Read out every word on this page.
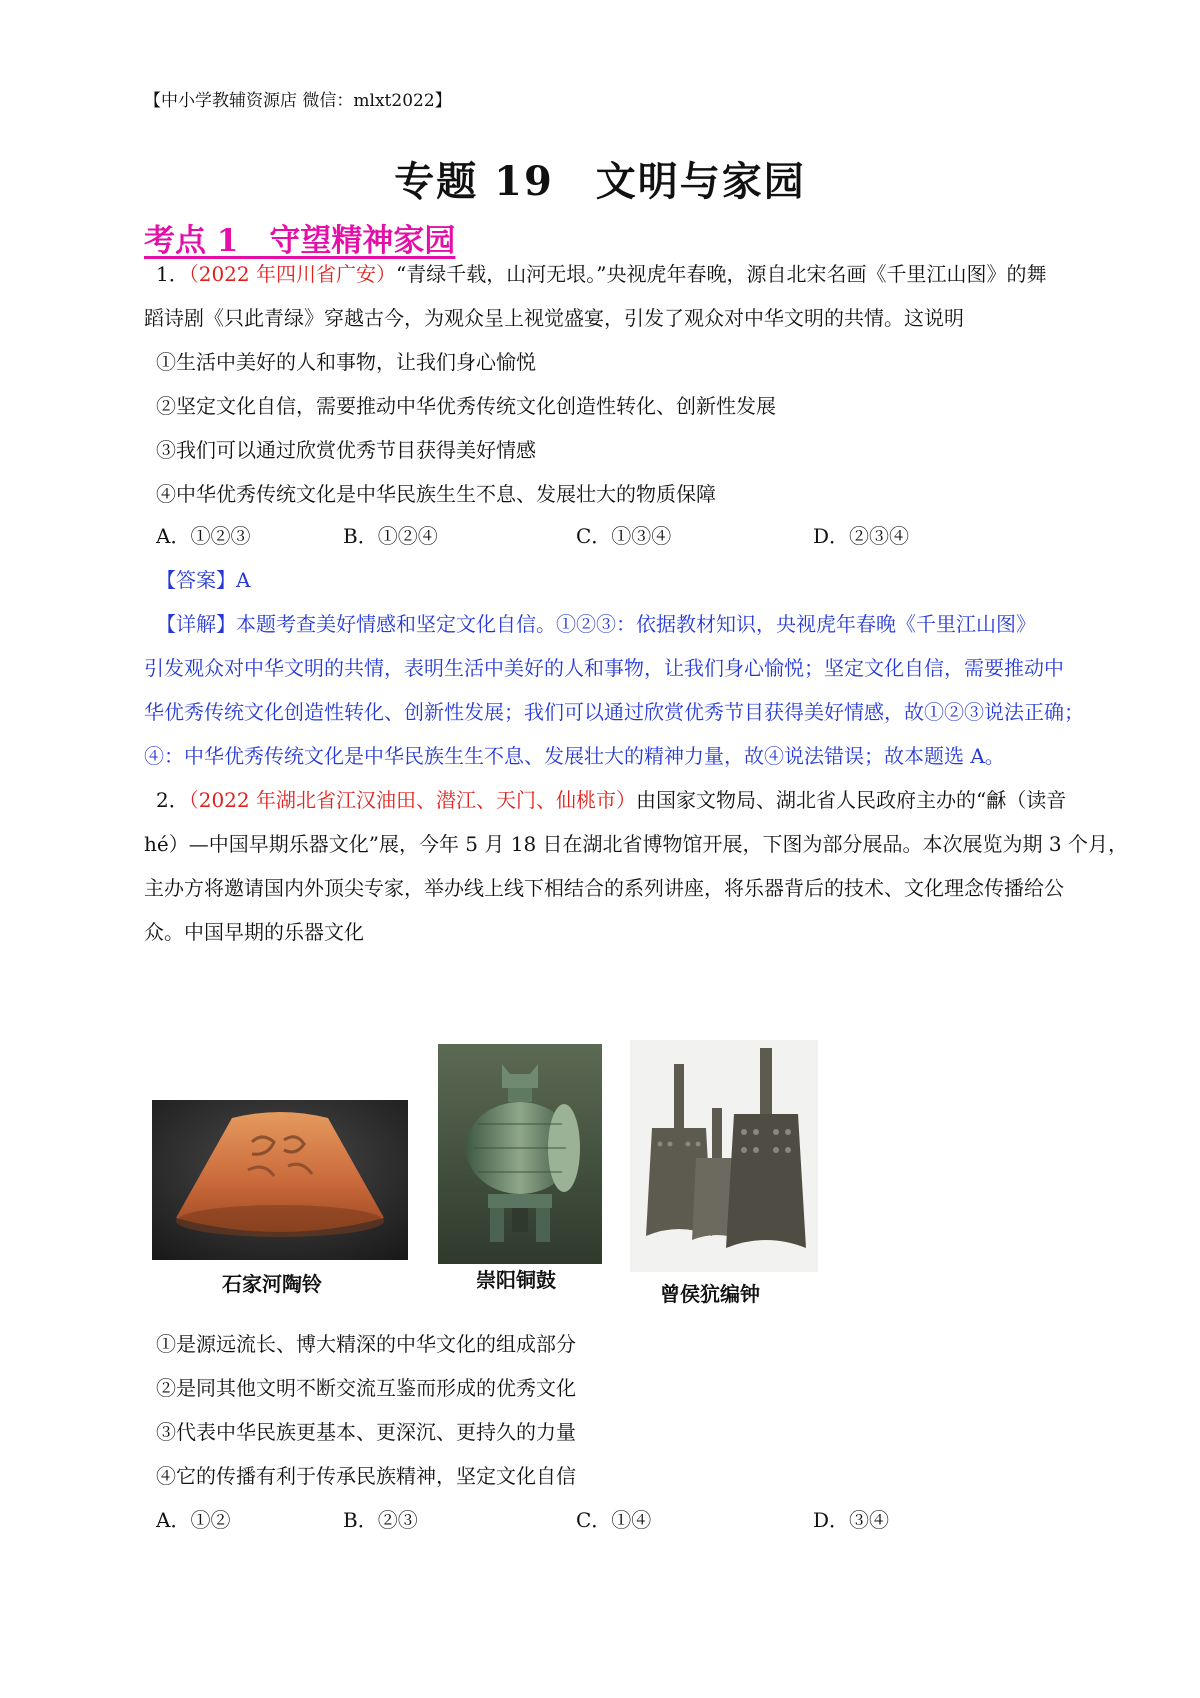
【中小学教辅资源店 微信：mlxt2022】
专题 19　文明与家园
考点 1　守望精神家园
1．（2022 年四川省广安）“青绿千载，山河无垠。”央视虎年春晚，源自北宋名画《千里江山图》的舞
蹈诗剧《只此青绿》穿越古今，为观众呈上视觉盛宴，引发了观众对中华文明的共情。这说明
①生活中美好的人和事物，让我们身心愉悦
②坚定文化自信，需要推动中华优秀传统文化创造性转化、创新性发展
③我们可以通过欣赏优秀节目获得美好情感
④中华优秀传统文化是中华民族生生不息、发展壮大的物质保障
A．①②③	B．①②④	C．①③④	D．②③④
【答案】A
【详解】本题考查美好情感和坚定文化自信。①②③：依据教材知识，央视虎年春晚《千里江山图》
引发观众对中华文明的共情，表明生活中美好的人和事物，让我们身心愉悦；坚定文化自信，需要推动中
华优秀传统文化创造性转化、创新性发展；我们可以通过欣赏优秀节目获得美好情感，故①②③说法正确；
④：中华优秀传统文化是中华民族生生不息、发展壮大的精神力量，故④说法错误；故本题选 A。
2．（2022 年湖北省江汉油田、潜江、天门、仙桃市）由国家文物局、湖北省人民政府主办的“龢（读音
hé）—中国早期乐器文化”展，今年 5 月 18 日在湖北省博物馆开展，下图为部分展品。本次展览为期 3 个月，
主办方将邀请国内外顶尖专家，举办线上线下相结合的系列讲座，将乐器背后的技术、文化理念传播给公
众。中国早期的乐器文化
石家河陶铃	崇阳铜鼓
曾侯犺编钟
①是源远流长、博大精深的中华文化的组成部分
②是同其他文明不断交流互鉴而形成的优秀文化
③代表中华民族更基本、更深沉、更持久的力量
④它的传播有利于传承民族精神，坚定文化自信
A．①②	B．②③	C．①④	D．③④
